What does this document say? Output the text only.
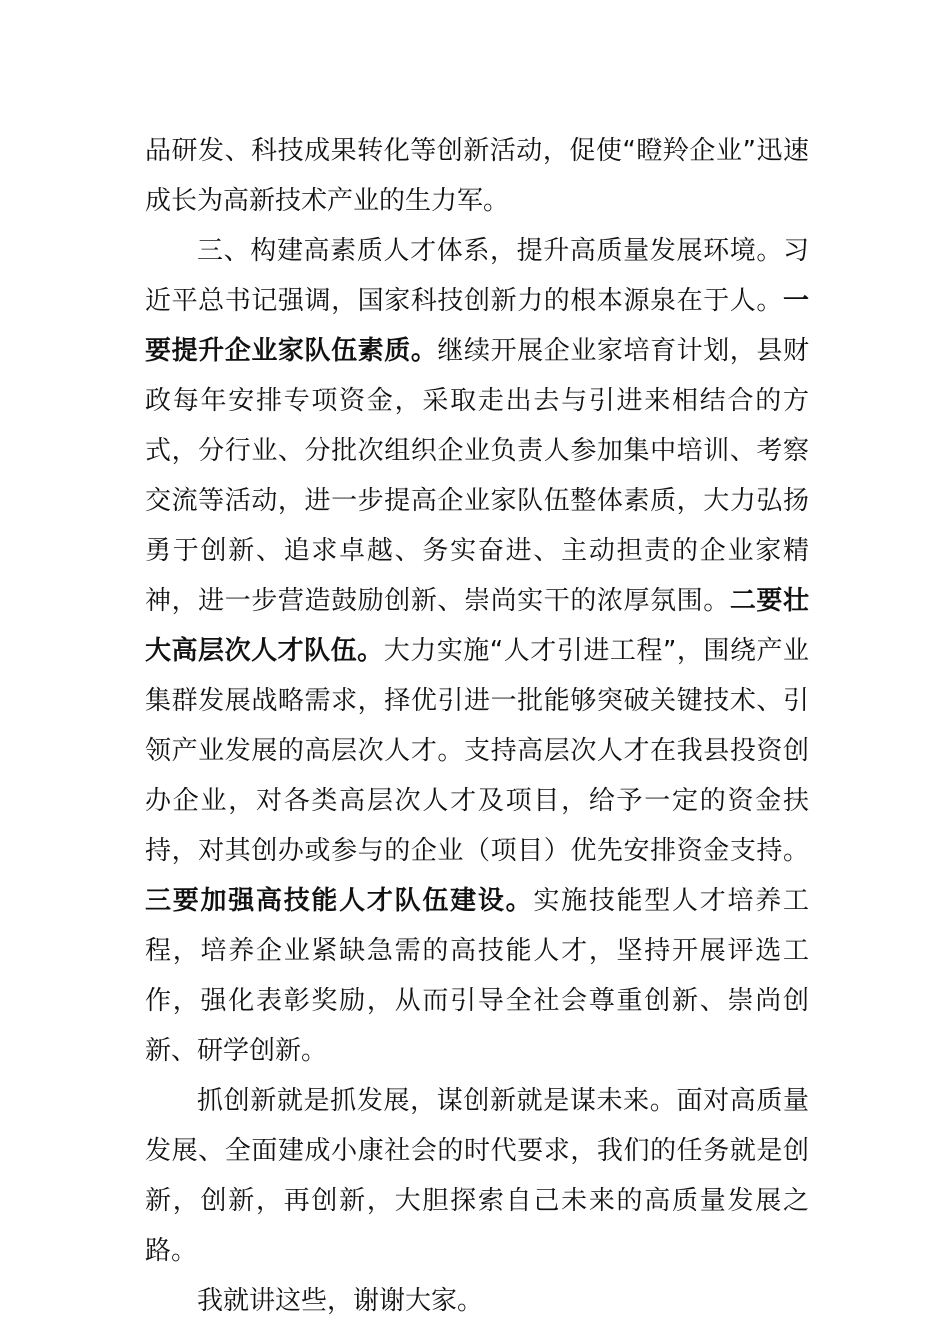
品研发、科技成果转化等创新活动，促使“瞪羚企业”迅速成长为高新技术产业的生力军。

三、构建高素质人才体系，提升高质量发展环境。习近平总书记强调，国家科技创新力的根本源泉在于人。一要提升企业家队伍素质。继续开展企业家培育计划，县财政每年安排专项资金，采取走出去与引进来相结合的方式，分行业、分批次组织企业负责人参加集中培训、考察交流等活动，进一步提高企业家队伍整体素质，大力弘扬勇于创新、追求卓越、务实奋进、主动担责的企业家精神，进一步营造鼓励创新、崇尚实干的浓厚氛围。二要壮大高层次人才队伍。大力实施“人才引进工程”，围绕产业集群发展战略需求，择优引进一批能够突破关键技术、引领产业发展的高层次人才。支持高层次人才在我县投资创办企业，对各类高层次人才及项目，给予一定的资金扶持，对其创办或参与的企业（项目）优先安排资金支持。三要加强高技能人才队伍建设。实施技能型人才培养工程，培养企业紧缺急需的高技能人才，坚持开展评选工作，强化表彰奖励，从而引导全社会尊重创新、崇尚创新、研学创新。

抓创新就是抓发展，谋创新就是谋未来。面对高质量发展、全面建成小康社会的时代要求，我们的任务就是创新，创新，再创新，大胆探索自己未来的高质量发展之路。

我就讲这些，谢谢大家。
